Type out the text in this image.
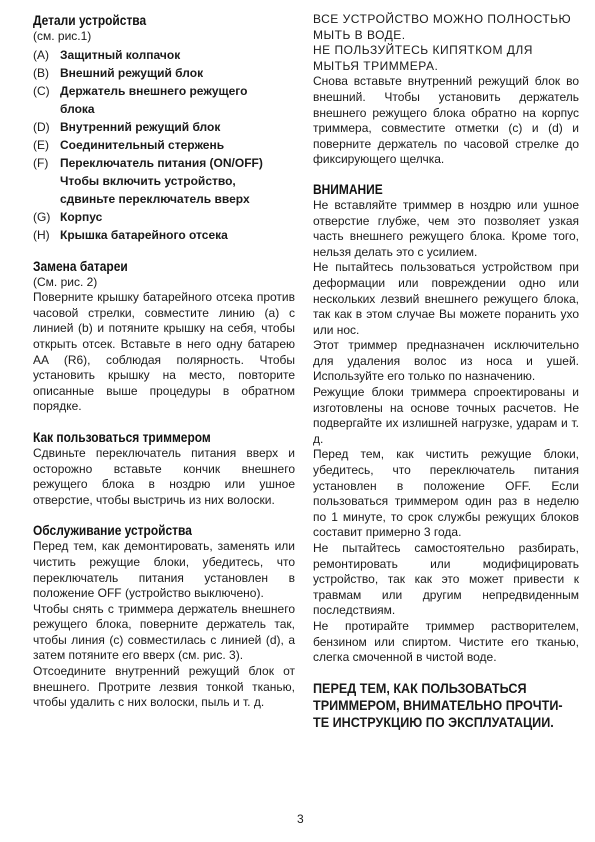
Детали устройства
(см. рис.1)
(A) Защитный колпачок
(B) Внешний режущий блок
(C) Держатель внешнего режущего
блока
(D) Внутренний режущий блок
(E) Соединительный стержень
(F) Переключатель питания (ON/OFF)
Чтобы включить устройство,
сдвиньте переключатель вверх
(G) Корпус
(H) Крышка батарейного отсека
Замена батареи
(См. рис. 2)

Поверните крышку батарейного отсека против часовой стрелки, совместите линию (a) с линией (b) и потяните крышку на себя, чтобы открыть отсек. Вставьте в него одну батарею AA (R6), соблюдая полярность. Чтобы установить крышку на место, повторите описанные выше процедуры в обратном порядке.

Как пользоваться триммером

Сдвиньте переключатель питания вверх и осторожно вставьте кончик внешнего режущего блока в ноздрю или ушное отверстие, чтобы выстричь из них волоски.

Обслуживание устройства

Перед тем, как демонтировать, заменять или чистить режущие блоки, убедитесь, что переключатель питания установлен в положение OFF (устройство выключено).

Чтобы снять с триммера держатель внешнего режущего блока, поверните держатель так, чтобы линия (c) совместилась с линией (d), а затем потяните его вверх (см. рис. 3).

Отсоедините внутренний режущий блок от внешнего. Протрите лезвия тонкой тканью, чтобы удалить с них волоски, пыль и т. д.

ВСЕ УСТРОЙСТВО МОЖНО ПОЛНОСТЬЮ МЫТЬ В ВОДЕ.

НЕ ПОЛЬЗУЙТЕСЬ КИПЯТКОМ ДЛЯ МЫТЬЯ ТРИММЕРА.

Снова вставьте внутренний режущий блок во внешний. Чтобы установить держатель внешнего режущего блока обратно на корпус триммера, совместите отметки (c) и (d) и поверните держатель по часовой стрелке до фиксирующего щелчка.

ВНИМАНИЕ

Не вставляйте триммер в ноздрю или ушное отверстие глубже, чем это позволяет узкая часть внешнего режущего блока. Кроме того, нельзя делать это с усилием.

Не пытайтесь пользоваться устройством при деформации или повреждении одно или нескольких лезвий внешнего режущего блока, так как в этом случае Вы можете поранить ухо или нос.

Этот триммер предназначен исключительно для удаления волос из носа и ушей. Используйте его только по назначению.

Режущие блоки триммера спроектированы и изготовлены на основе точных расчетов. Не подвергайте их излишней нагрузке, ударам и т. д.

Перед тем, как чистить режущие блоки, убедитесь, что переключатель питания установлен в положение OFF. Если пользоваться триммером один раз в неделю по 1 минуте, то срок службы режущих блоков составит примерно 3 года.

Не пытайтесь самостоятельно разбирать, ремонтировать или модифицировать устройство, так как это может привести к травмам или другим непредвиденным последствиям.

Не протирайте триммер растворителем, бензином или спиртом. Чистите его тканью, слегка смоченной в чистой воде.

ПЕРЕД ТЕМ, КАК ПОЛЬЗОВАТЬСЯ

ТРИММЕРОМ, ВНИМАТЕЛЬНО ПРОЧТИ-

ТЕ ИНСТРУКЦИЮ ПО ЭКСПЛУАТАЦИИ.

3
